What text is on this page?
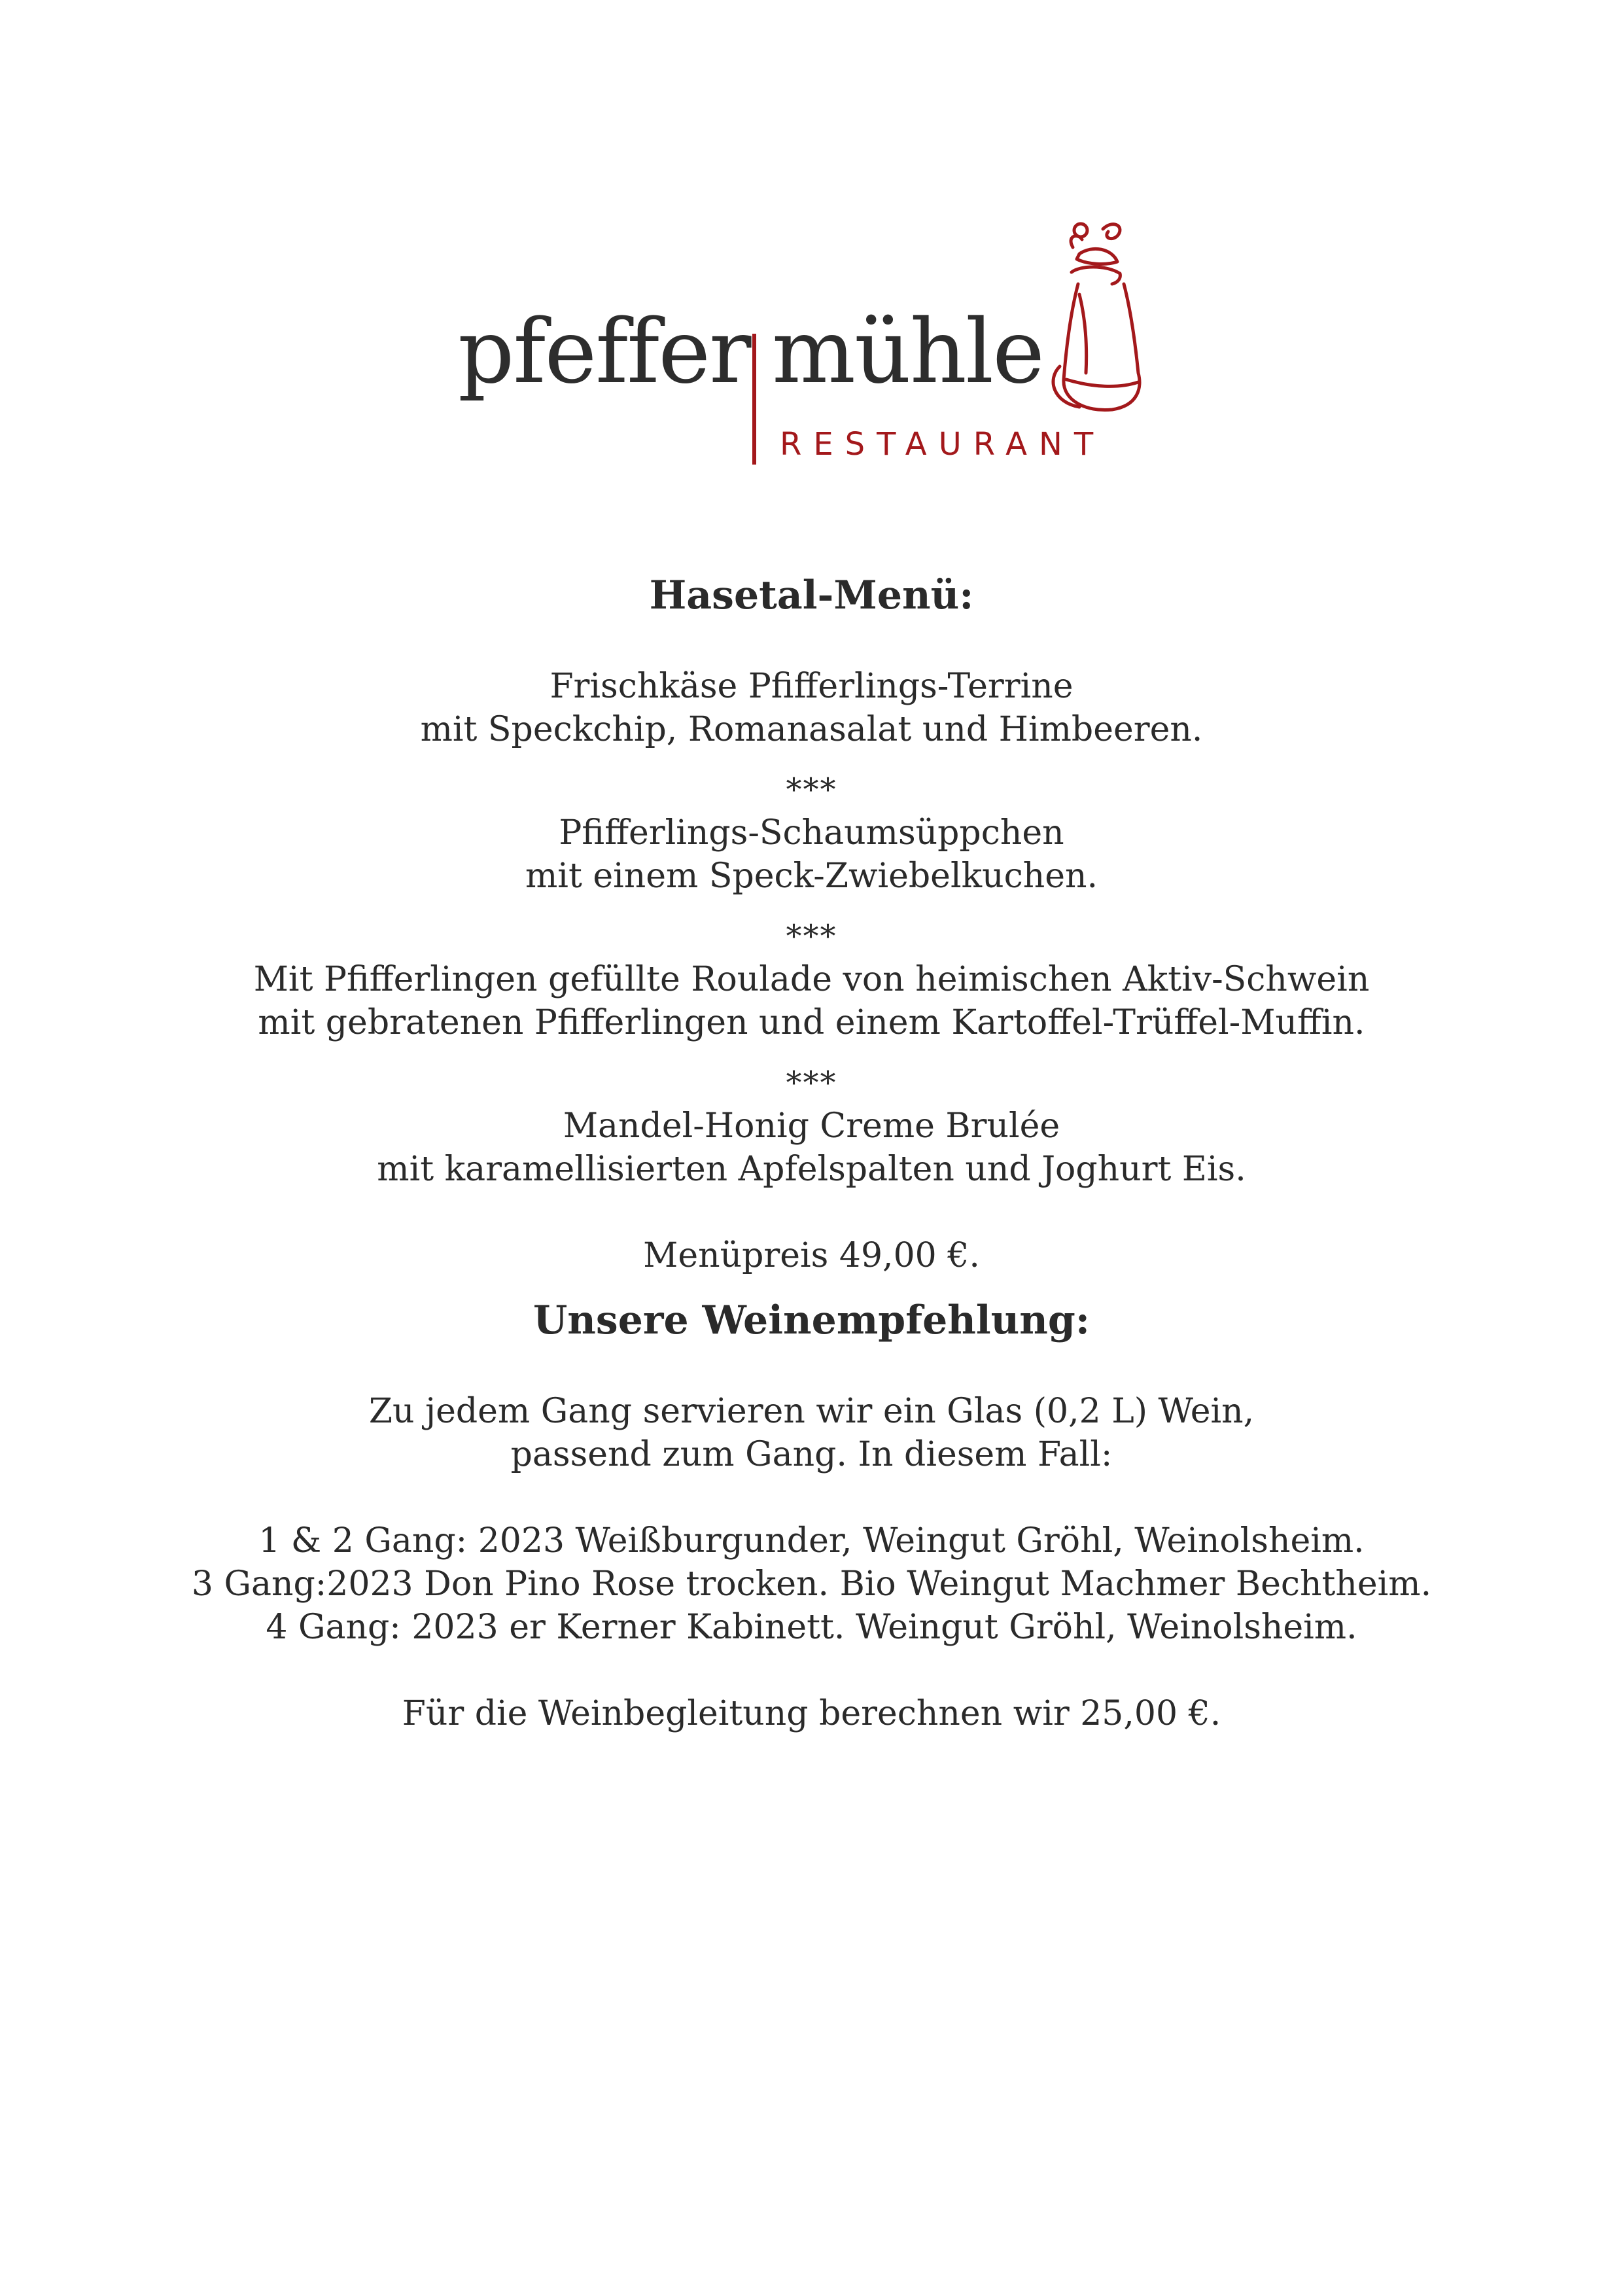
pfeffer mühle
RESTAURANT

Hasetal-Menü:

Frischkäse Pfifferlings-Terrine

mit Speckchip, Romanasalat und Himbeeren.

***

Pfifferlings-Schaumsüppchen

mit einem Speck-Zwiebelkuchen.

***

Mit Pfifferlingen gefüllte Roulade von heimischen Aktiv-Schwein

mit gebratenen Pfifferlingen und einem Kartoffel-Trüffel-Muffin.

***

Mandel-Honig Creme Brulée

mit karamellisierten Apfelspalten und Joghurt Eis.

Menüpreis 49,00 €.

Unsere Weinempfehlung:

Zu jedem Gang servieren wir ein Glas (0,2 L) Wein,

passend zum Gang. In diesem Fall:

1 & 2 Gang: 2023 Weißburgunder, Weingut Gröhl, Weinolsheim.

3 Gang:2023 Don Pino Rose trocken. Bio Weingut Machmer Bechtheim.

4 Gang: 2023 er Kerner Kabinett. Weingut Gröhl, Weinolsheim.

Für die Weinbegleitung berechnen wir 25,00 €.
